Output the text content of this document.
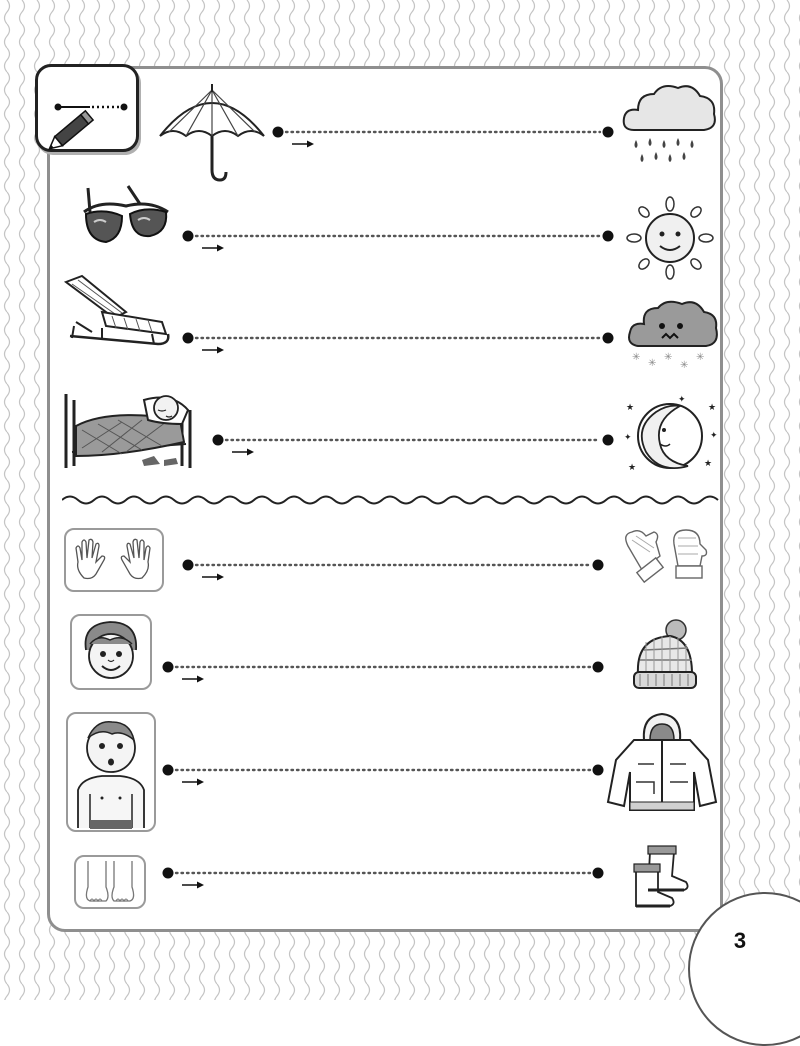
✳
✳
✳
✳
✳
★	★
★	★
✦
✦
✦
3
